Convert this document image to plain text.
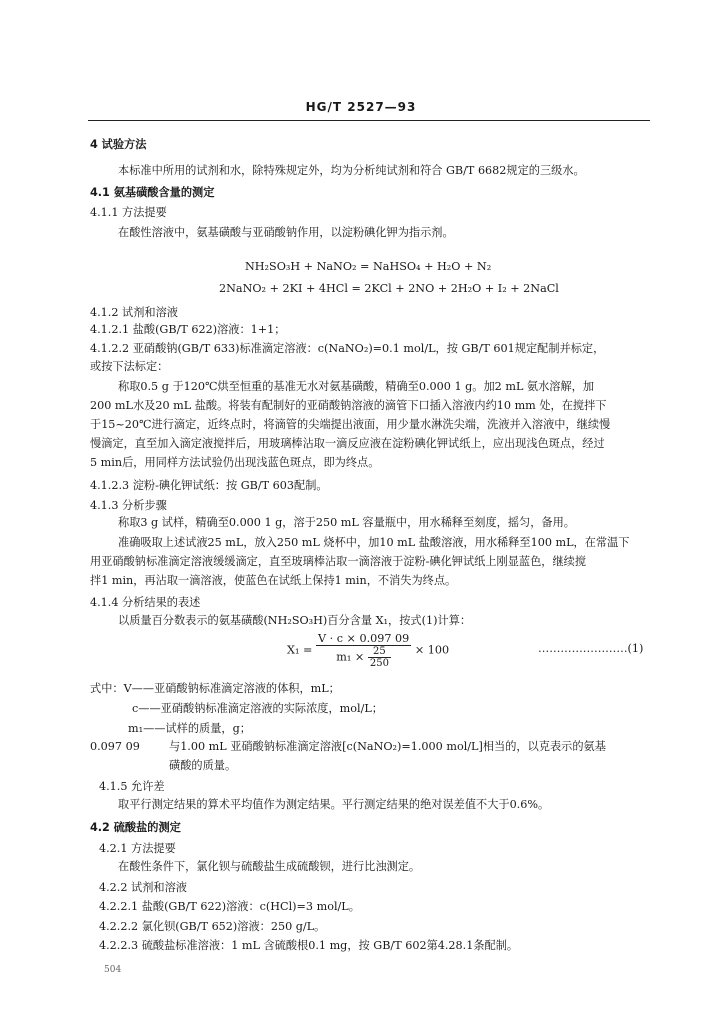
HG/T 2527—93
4 试验方法
本标准中所用的试剂和水，除特殊规定外，均为分析纯试剂和符合 GB/T 6682规定的三级水。
4.1 氨基磺酸含量的测定
4.1.1 方法提要
在酸性溶液中，氨基磺酸与亚硝酸钠作用，以淀粉碘化钾为指示剂。
NH₂SO₃H + NaNO₂ = NaHSO₄ + H₂O + N₂
2NaNO₂ + 2KI + 4HCl = 2KCl + 2NO + 2H₂O + I₂ + 2NaCl
4.1.2 试剂和溶液
4.1.2.1 盐酸(GB/T 622)溶液：1+1；
4.1.2.2 亚硝酸钠(GB/T 633)标准滴定溶液：c(NaNO₂)=0.1 mol/L，按 GB/T 601规定配制并标定，
或按下法标定：
称取0.5 g 于120℃烘至恒重的基准无水对氨基磺酸，精确至0.000 1 g。加2 mL 氨水溶解，加
200 mL水及20 mL 盐酸。将装有配制好的亚硝酸钠溶液的滴管下口插入溶液内约10 mm 处，在搅拌下
于15~20℃进行滴定，近终点时，将滴管的尖端提出液面，用少量水淋洗尖端，洗液并入溶液中，继续慢
慢滴定，直至加入滴定液搅拌后，用玻璃棒沾取一滴反应液在淀粉碘化钾试纸上，应出现浅色斑点，经过
5 min后，用同样方法试验仍出现浅蓝色斑点，即为终点。
4.1.2.3 淀粉-碘化钾试纸：按 GB/T 603配制。
4.1.3 分析步骤
称取3 g 试样，精确至0.000 1 g，溶于250 mL 容量瓶中，用水稀释至刻度，摇匀，备用。
准确吸取上述试液25 mL，放入250 mL 烧杯中，加10 mL 盐酸溶液，用水稀释至100 mL，在常温下
用亚硝酸钠标准滴定溶液缓缓滴定，直至玻璃棒沾取一滴溶液于淀粉-碘化钾试纸上刚显蓝色，继续搅
拌1 min，再沾取一滴溶液，使蓝色在试纸上保持1 min，不消失为终点。
4.1.4 分析结果的表述
以质量百分数表示的氨基磺酸(NH₂SO₃H)百分含量 X₁，按式(1)计算：
式中：V——亚硝酸钠标准滴定溶液的体积，mL；
c——亚硝酸钠标准滴定溶液的实际浓度，mol/L；
m₁——试样的质量，g；
0.097 09	与1.00 mL 亚硝酸钠标准滴定溶液[c(NaNO₂)=1.000 mol/L]相当的，以克表示的氨基
磺酸的质量。
4.1.5 允许差
取平行测定结果的算术平均值作为测定结果。平行测定结果的绝对误差值不大于0.6%。
4.2 硫酸盐的测定
4.2.1 方法提要
在酸性条件下，氯化钡与硫酸盐生成硫酸钡，进行比浊测定。
4.2.2 试剂和溶液
4.2.2.1 盐酸(GB/T 622)溶液：c(HCl)=3 mol/L。
4.2.2.2 氯化钡(GB/T 652)溶液：250 g/L。
4.2.2.3 硫酸盐标准溶液：1 mL 含硫酸根0.1 mg，按 GB/T 602第4.28.1条配制。
$X_1 = \frac{V \cdot c \times 0.097 09}{m_1 \times \frac{25}{250}} \times 100$	……………………(1)
504
